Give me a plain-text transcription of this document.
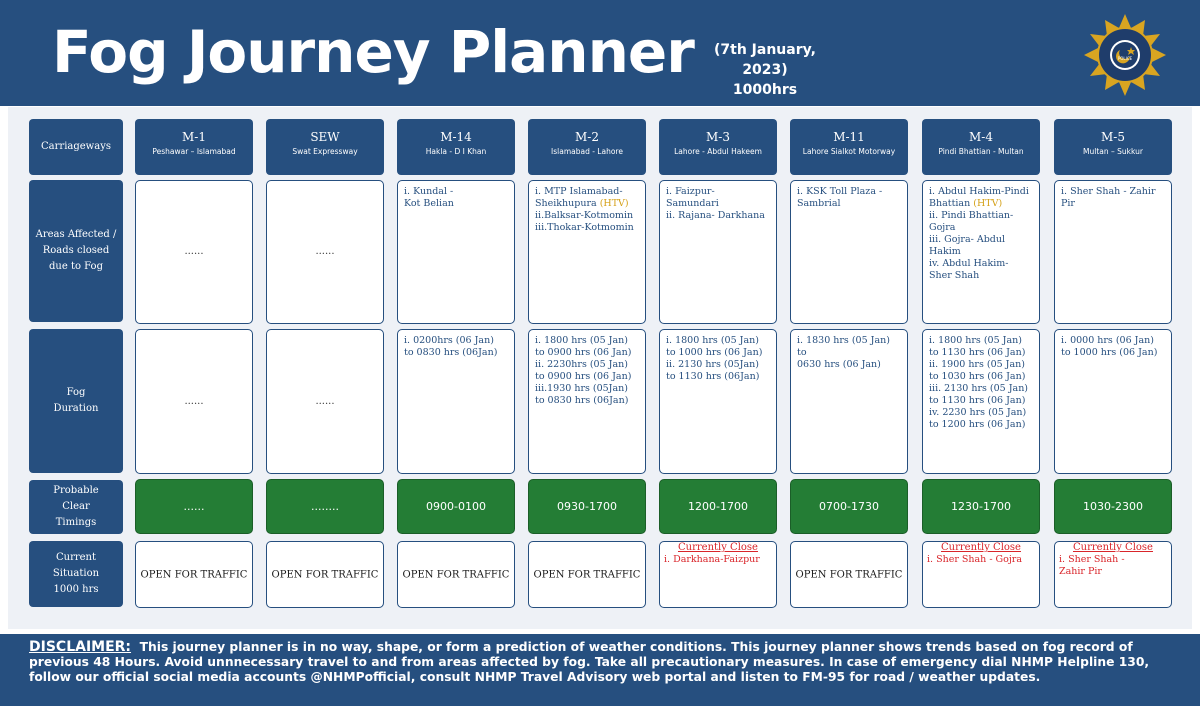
Fog Journey Planner	(7th January, 2023)
1000hrs
POLICE
Carriageways
Areas Affected / Roads closed due to Fog
Fog Duration
Probable Clear Timings
Current Situation 1000 hrs
M-1
Peshawar – Islamabad
......
......
......
OPEN FOR TRAFFIC
SEW
Swat Expressway
......
......
........
OPEN FOR TRAFFIC
M-14
Hakla - D I Khan
i. Kundal -
Kot Belian
i. 0200hrs (06 Jan)
to 0830 hrs (06Jan)
0900-0100
OPEN FOR TRAFFIC
M-2
Islamabad - Lahore
i. MTP Islamabad-
Sheikhupura (HTV)
ii.Balksar-Kotmomin
iii.Thokar-Kotmomin
i. 1800 hrs (05 Jan)
to 0900 hrs (06 Jan)
ii. 2230hrs (05 Jan)
to 0900 hrs (06 Jan)
iii.1930 hrs (05Jan)
to 0830 hrs (06Jan)
0930-1700
OPEN FOR TRAFFIC
M-3
Lahore - Abdul Hakeem
i. Faizpur- Samundari
ii. Rajana- Darkhana
i. 1800 hrs (05 Jan)
to 1000 hrs (06 Jan)
ii. 2130 hrs (05Jan)
to 1130 hrs (06Jan)
1200-1700
Currently Close
i. Darkhana-Faizpur
M-11
Lahore Sialkot Motorway
i. KSK Toll Plaza -
Sambrial
i. 1830 hrs (05 Jan) to
0630 hrs (06 Jan)
0700-1730
OPEN FOR TRAFFIC
M-4
Pindi Bhattian - Multan
i. Abdul Hakim-Pindi
Bhattian (HTV)
ii. Pindi Bhattian-
Gojra
iii. Gojra- Abdul
Hakim
iv. Abdul Hakim-
Sher Shah
i. 1800 hrs (05 Jan)
to 1130 hrs (06 Jan)
ii. 1900 hrs (05 Jan)
to 1030 hrs (06 Jan)
iii. 2130 hrs (05 Jan)
to 1130 hrs (06 Jan)
iv. 2230 hrs (05 Jan)
to 1200 hrs (06 Jan)
1230-1700
Currently Close
i. Sher Shah - Gojra
M-5
Multan – Sukkur
i. Sher Shah - Zahir
Pir
i. 0000 hrs (06 Jan)
to 1000 hrs (06 Jan)
1030-2300
Currently Close
i. Sher Shah -
Zahir Pir
DISCLAIMER: This journey planner is in no way, shape, or form a prediction of weather conditions. This journey planner shows trends based on fog record of previous 48 Hours. Avoid unnnecessary travel to and from areas affected by fog. Take all precautionary measures. In case of emergency dial NHMP Helpline 130, follow our official social media accounts @NHMPofficial, consult NHMP Travel Advisory web portal and listen to FM-95 for road / weather updates.
